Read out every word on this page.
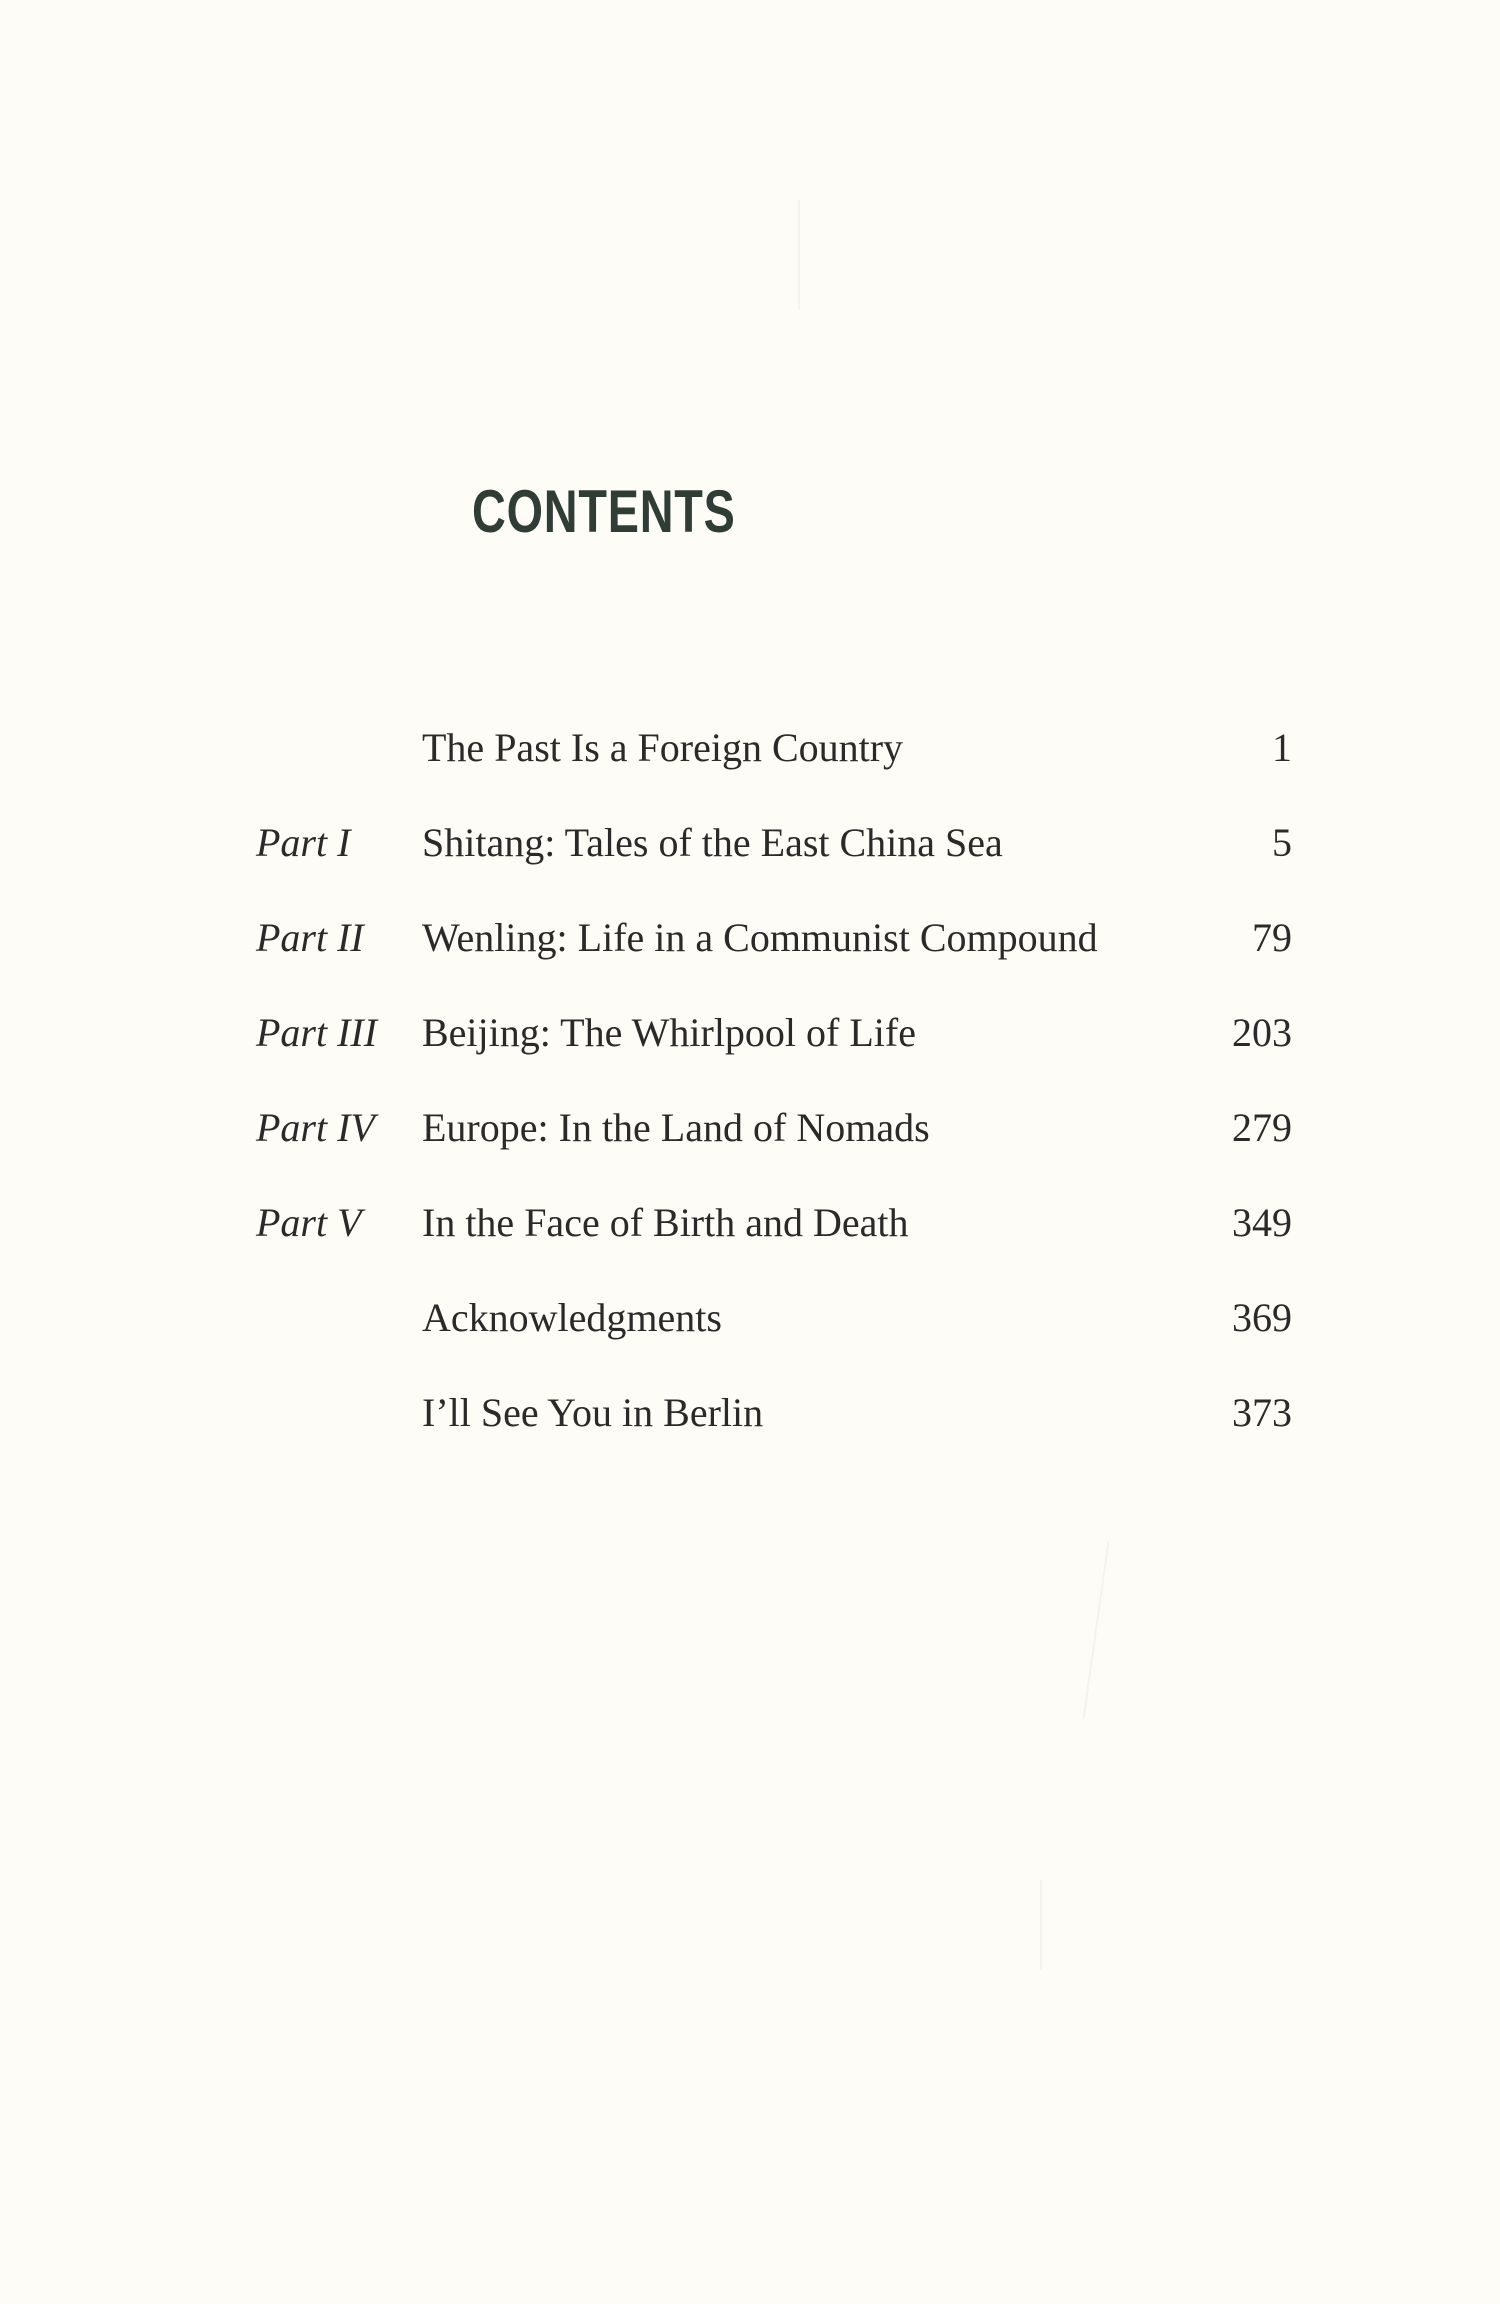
CONTENTS
The Past Is a Foreign Country	1
Part I Shitang: Tales of the East China Sea	5
Part II Wenling: Life in a Communist Compound	79
Part III Beijing: The Whirlpool of Life	203
Part IV Europe: In the Land of Nomads	279
Part V In the Face of Birth and Death	349
Acknowledgments	369
I’ll See You in Berlin	373
